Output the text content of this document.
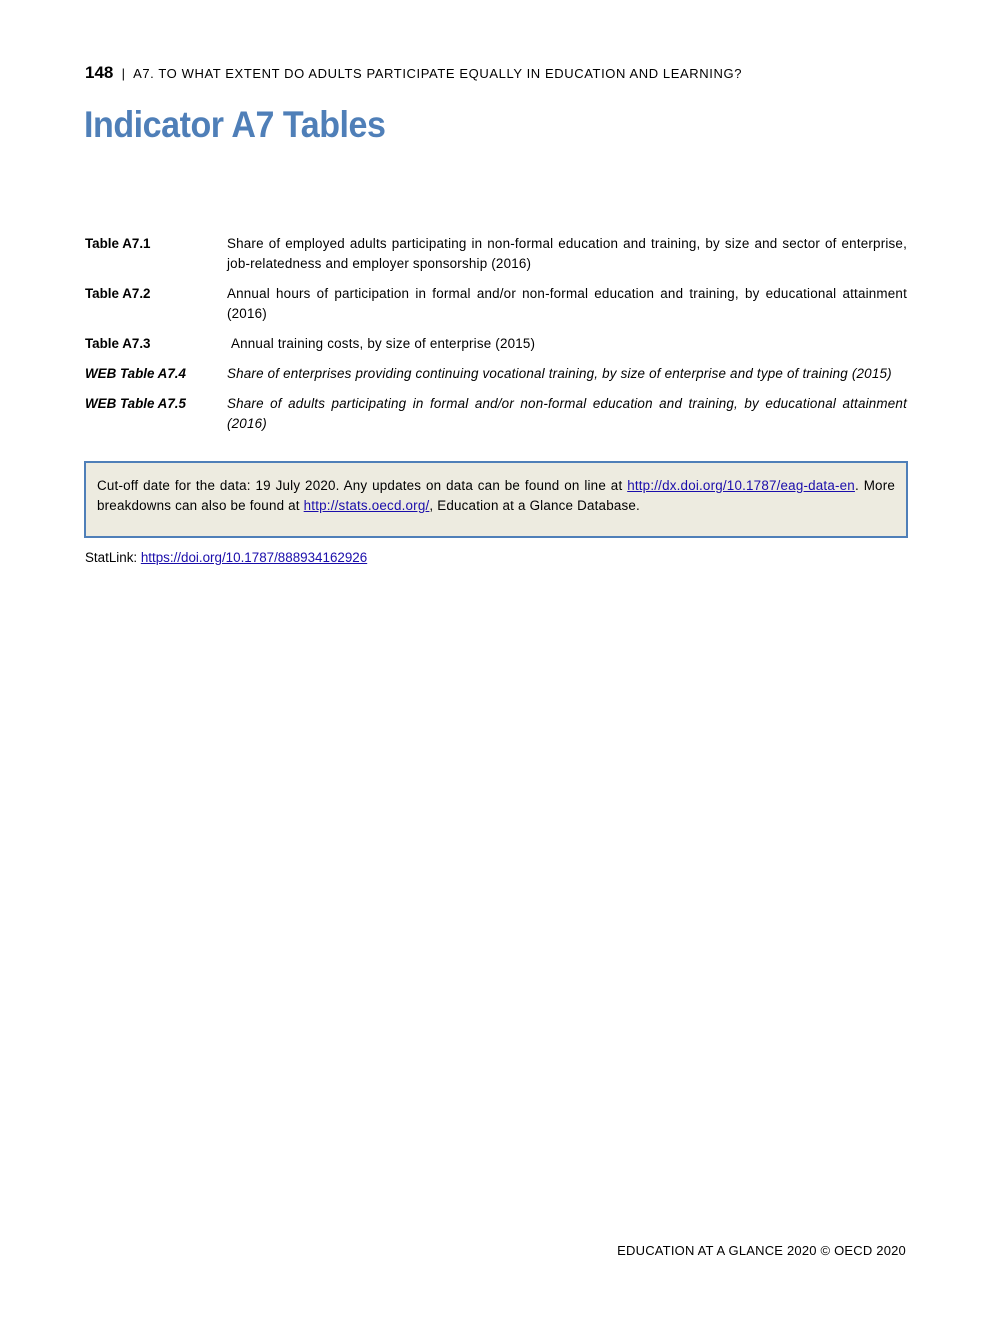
148 | A7. TO WHAT EXTENT DO ADULTS PARTICIPATE EQUALLY IN EDUCATION AND LEARNING?
Indicator A7 Tables
Table A7.1	Share of employed adults participating in non-formal education and training, by size and sector of enterprise, job-relatedness and employer sponsorship (2016)
Table A7.2	Annual hours of participation in formal and/or non-formal education and training, by educational attainment (2016)
Table A7.3	Annual training costs, by size of enterprise (2015)
WEB Table A7.4	Share of enterprises providing continuing vocational training, by size of enterprise and type of training (2015)
WEB Table A7.5	Share of adults participating in formal and/or non-formal education and training, by educational attainment (2016)
Cut-off date for the data: 19 July 2020. Any updates on data can be found on line at http://dx.doi.org/10.1787/eag-data-en. More breakdowns can also be found at http://stats.oecd.org/, Education at a Glance Database.
StatLink: https://doi.org/10.1787/888934162926
EDUCATION AT A GLANCE 2020 © OECD 2020
